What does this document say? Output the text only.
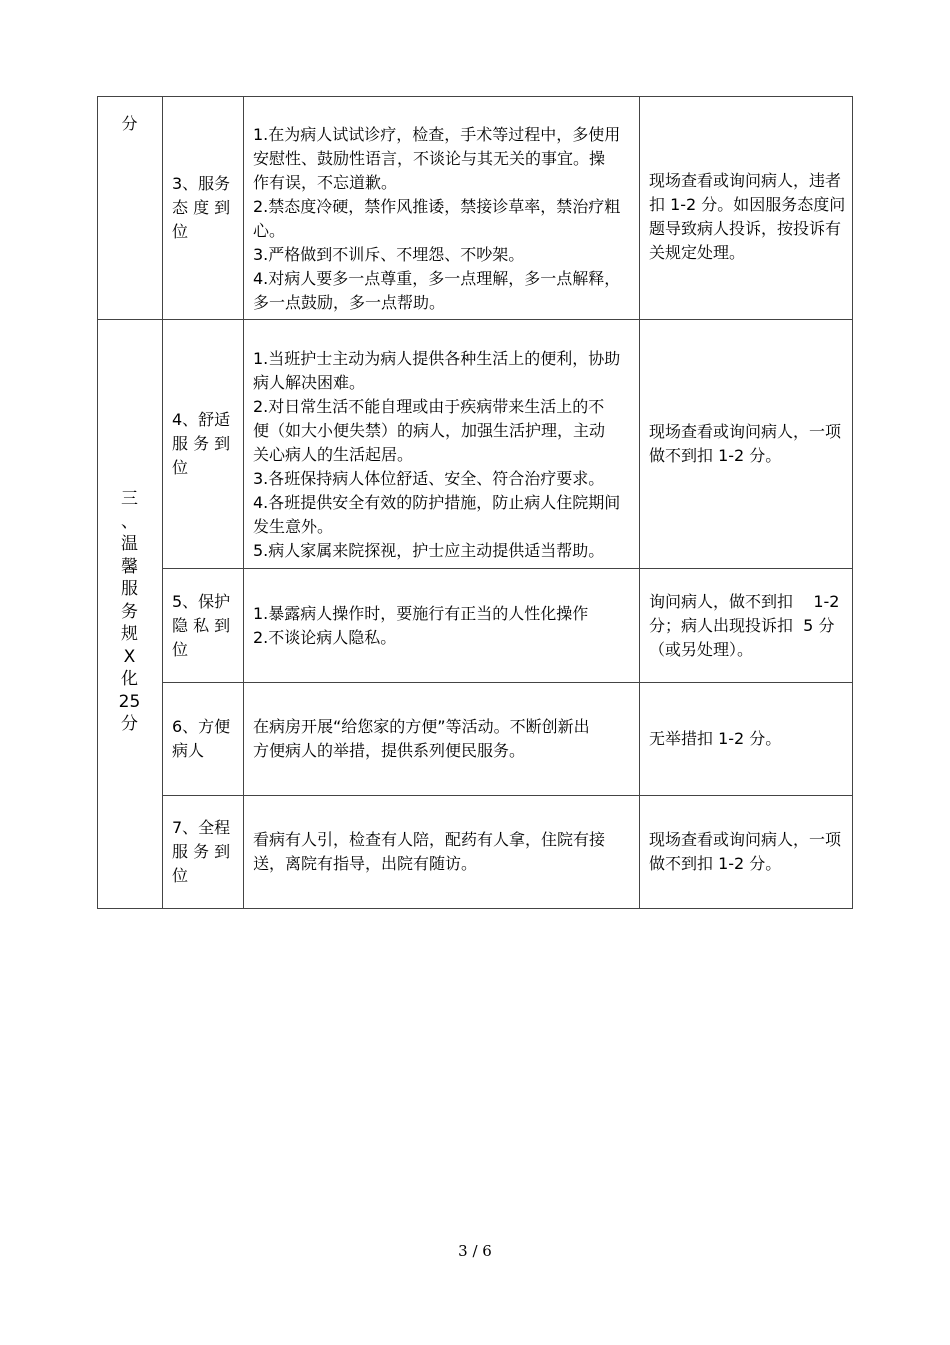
分
三
、
温
馨
服
务
规
X
化
25
分
3、服务
态 度 到
位
1.在为病人试试诊疗，检查，手术等过程中，多使用
安慰性、鼓励性语言，不谈论与其无关的事宜。操
作有误，不忘道歉。
2.禁态度冷硬，禁作风推诿，禁接诊草率，禁治疗粗
心。
3.严格做到不训斥、不埋怨、不吵架。
4.对病人要多一点尊重，多一点理解，多一点解释，
多一点鼓励，多一点帮助。
现场查看或询问病人，违者
扣 1-2 分。如因服务态度问
题导致病人投诉，按投诉有
关规定处理。
4、舒适
服 务 到
位
1.当班护士主动为病人提供各种生活上的便利，协助
病人解决困难。
2.对日常生活不能自理或由于疾病带来生活上的不
便（如大小便失禁）的病人，加强生活护理，主动
关心病人的生活起居。
3.各班保持病人体位舒适、安全、符合治疗要求。
4.各班提供安全有效的防护措施，防止病人住院期间
发生意外。
5.病人家属来院探视，护士应主动提供适当帮助。
现场查看或询问病人，一项
做不到扣 1-2 分。
5、保护
隐 私 到
位
1.暴露病人操作时，要施行有正当的人性化操作
2.不谈论病人隐私。
询问病人，做不到扣    1-2
分；病人出现投诉扣  5 分
（或另处理）。
6、方便
病人
在病房开展“给您家的方便”等活动。不断创新出
方便病人的举措，提供系列便民服务。
无举措扣 1-2 分。
7、全程
服 务 到
位
看病有人引，检查有人陪，配药有人拿，住院有接
送，离院有指导，出院有随访。
现场查看或询问病人，一项
做不到扣 1-2 分。
3 / 6
